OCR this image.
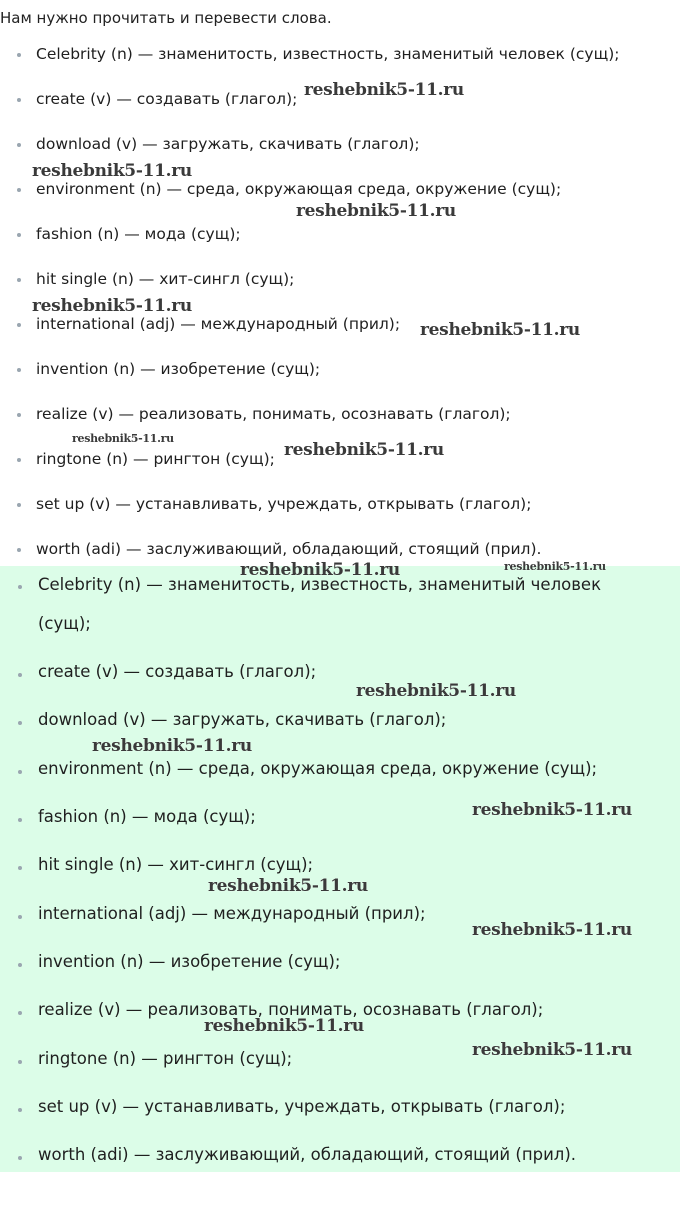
Нам нужно прочитать и перевести слова.
Celebrity (n) — знаменитость, известность, знаменитый человек (сущ);
create (v) — создавать (глагол);
download (v) — загружать, скачивать (глагол);
environment (n) — среда, окружающая среда, окружение (сущ);
fashion (n) — мода (сущ);
hit single (n) — хит-сингл (сущ);
international (adj) — международный (прил);
invention (n) — изобретение (сущ);
realize (v) — реализовать, понимать, осознавать (глагол);
ringtone (n) — рингтон (сущ);
set up (v) — устанавливать, учреждать, открывать (глагол);
worth (adi) — заслуживающий, обладающий, стоящий (прил).
Celebrity (n) — знаменитость, известность, знаменитый человек
(сущ);
create (v) — создавать (глагол);
download (v) — загружать, скачивать (глагол);
environment (n) — среда, окружающая среда, окружение (сущ);
fashion (n) — мода (сущ);
hit single (n) — хит-сингл (сущ);
international (adj) — международный (прил);
invention (n) — изобретение (сущ);
realize (v) — реализовать, понимать, осознавать (глагол);
ringtone (n) — рингтон (сущ);
set up (v) — устанавливать, учреждать, открывать (глагол);
worth (adi) — заслуживающий, обладающий, стоящий (прил).
reshebnik5-11.ru
reshebnik5-11.ru
reshebnik5-11.ru
reshebnik5-11.ru
reshebnik5-11.ru
reshebnik5-11.ru
reshebnik5-11.ru
reshebnik5-11.ru	reshebnik5-11.ru
reshebnik5-11.ru
reshebnik5-11.ru
reshebnik5-11.ru
reshebnik5-11.ru
reshebnik5-11.ru
reshebnik5-11.ru
reshebnik5-11.ru
